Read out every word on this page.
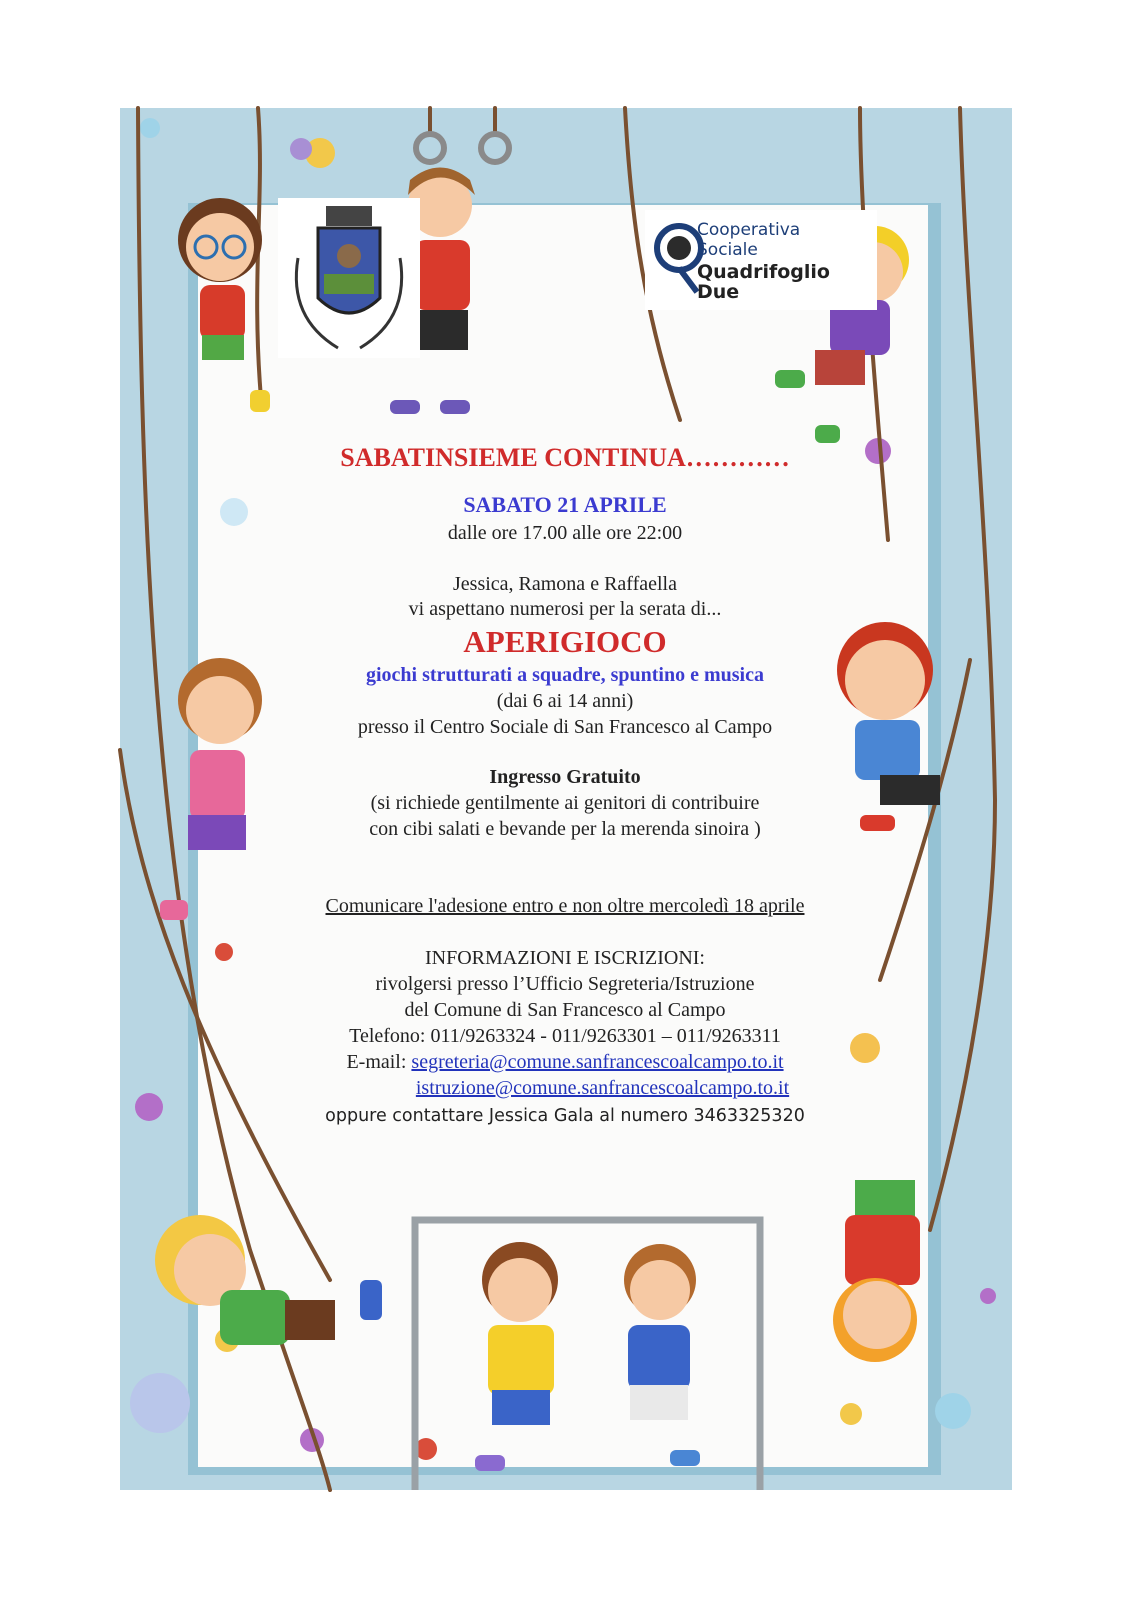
Cooperativa
Sociale
Quadrifoglio Due
SABATINSIEME CONTINUA…………
SABATO 21 APRILE
dalle ore 17.00 alle ore 22:00
Jessica, Ramona e Raffaella
vi aspettano numerosi per la serata di...
APERIGIOCO
giochi strutturati a squadre, spuntino e musica
(dai 6 ai 14 anni)
presso il Centro Sociale di San Francesco al Campo
Ingresso Gratuito
(si richiede gentilmente ai genitori di contribuire
con cibi salati e bevande per la merenda sinoira )
Comunicare l'adesione entro e non oltre mercoledì 18 aprile
INFORMAZIONI E ISCRIZIONI:
rivolgersi presso l’Ufficio Segreteria/Istruzione
del Comune di San Francesco al Campo
Telefono: 011/9263324 - 011/9263301 – 011/9263311
E-mail: segreteria@comune.sanfrancescoalcampo.to.it
istruzione@comune.sanfrancescoalcampo.to.it
oppure contattare Jessica Gala al numero 3463325320
